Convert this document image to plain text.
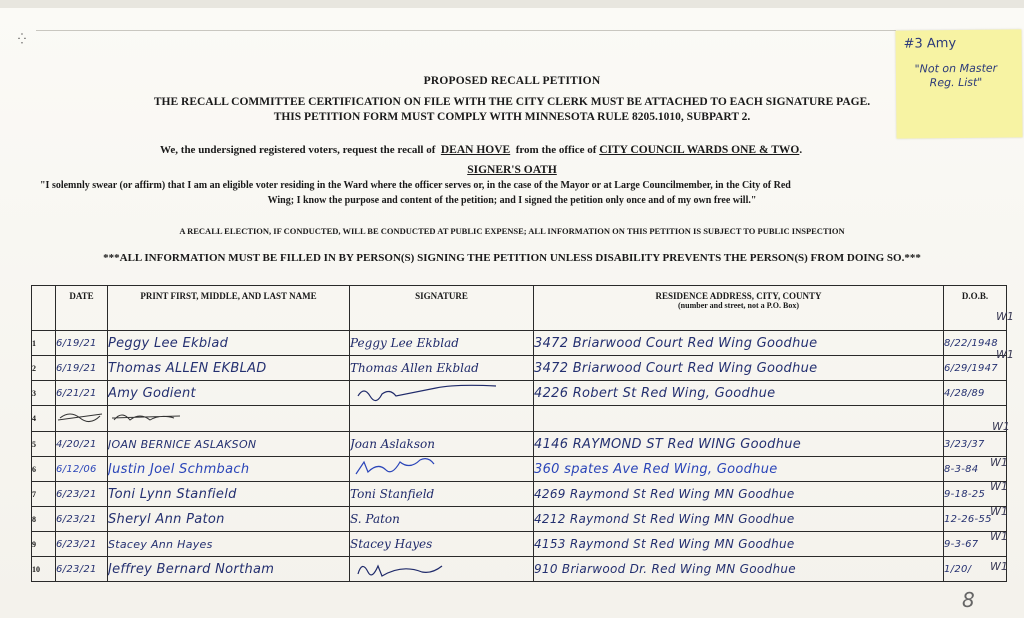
⁛	#3 Amy
"Not on Master Reg. List"
PROPOSED RECALL PETITION
THE RECALL COMMITTEE CERTIFICATION ON FILE WITH THE CITY CLERK MUST BE ATTACHED TO EACH SIGNATURE PAGE.
THIS PETITION FORM MUST COMPLY WITH MINNESOTA RULE 8205.1010, SUBPART 2.
We, the undersigned registered voters, request the recall of DEAN HOVE from the office of CITY COUNCIL WARDS ONE & TWO.
SIGNER'S OATH
"I solemnly swear (or affirm) that I am an eligible voter residing in the Ward where the officer serves or, in the case of the Mayor or at Large Councilmember, in the City of Red
Wing; I know the purpose and content of the petition; and I signed the petition only once and of my own free will."
A RECALL ELECTION, IF CONDUCTED, WILL BE CONDUCTED AT PUBLIC EXPENSE; ALL INFORMATION ON THIS PETITION IS SUBJECT TO PUBLIC INSPECTION
***ALL INFORMATION MUST BE FILLED IN BY PERSON(S) SIGNING THE PETITION UNLESS DISABILITY PREVENTS THE PERSON(S) FROM DOING SO.***
	DATE	PRINT FIRST, MIDDLE, AND LAST NAME	SIGNATURE	RESIDENCE ADDRESS, CITY, COUNTY
(number and street, not a P.O. Box)	D.O.B.
1	6/19/21	Peggy Lee Ekblad	Peggy Lee Ekblad	3472 Briarwood Court Red Wing Goodhue	8/22/1948
2	6/19/21	Thomas ALLEN EKBLAD	Thomas Allen Ekblad	3472 Briarwood Court Red Wing Goodhue	6/29/1947
3	6/21/21	Amy Godient		4226 Robert St Red Wing, Goodhue	4/28/89
4					
5	4/20/21	JOAN BERNICE ASLAKSON	Joan Aslakson	4146 RAYMOND ST Red WING Goodhue	3/23/37
6	6/12/06	Justin Joel Schmbach		360 spates Ave Red Wing, Goodhue	8-3-84
7	6/23/21	Toni Lynn Stanfield	Toni Stanfield	4269 Raymond St Red Wing MN Goodhue	9-18-25
8	6/23/21	Sheryl Ann Paton	S. Paton	4212 Raymond St Red Wing MN Goodhue	12-26-55
9	6/23/21	Stacey Ann Hayes	Stacey Hayes	4153 Raymond St Red Wing MN Goodhue	9-3-67
10	6/23/21	Jeffrey Bernard Northam		910 Briarwood Dr. Red Wing MN Goodhue	1/20/
W1
W1
W1
W1
W1
W1
W1
W1
8
